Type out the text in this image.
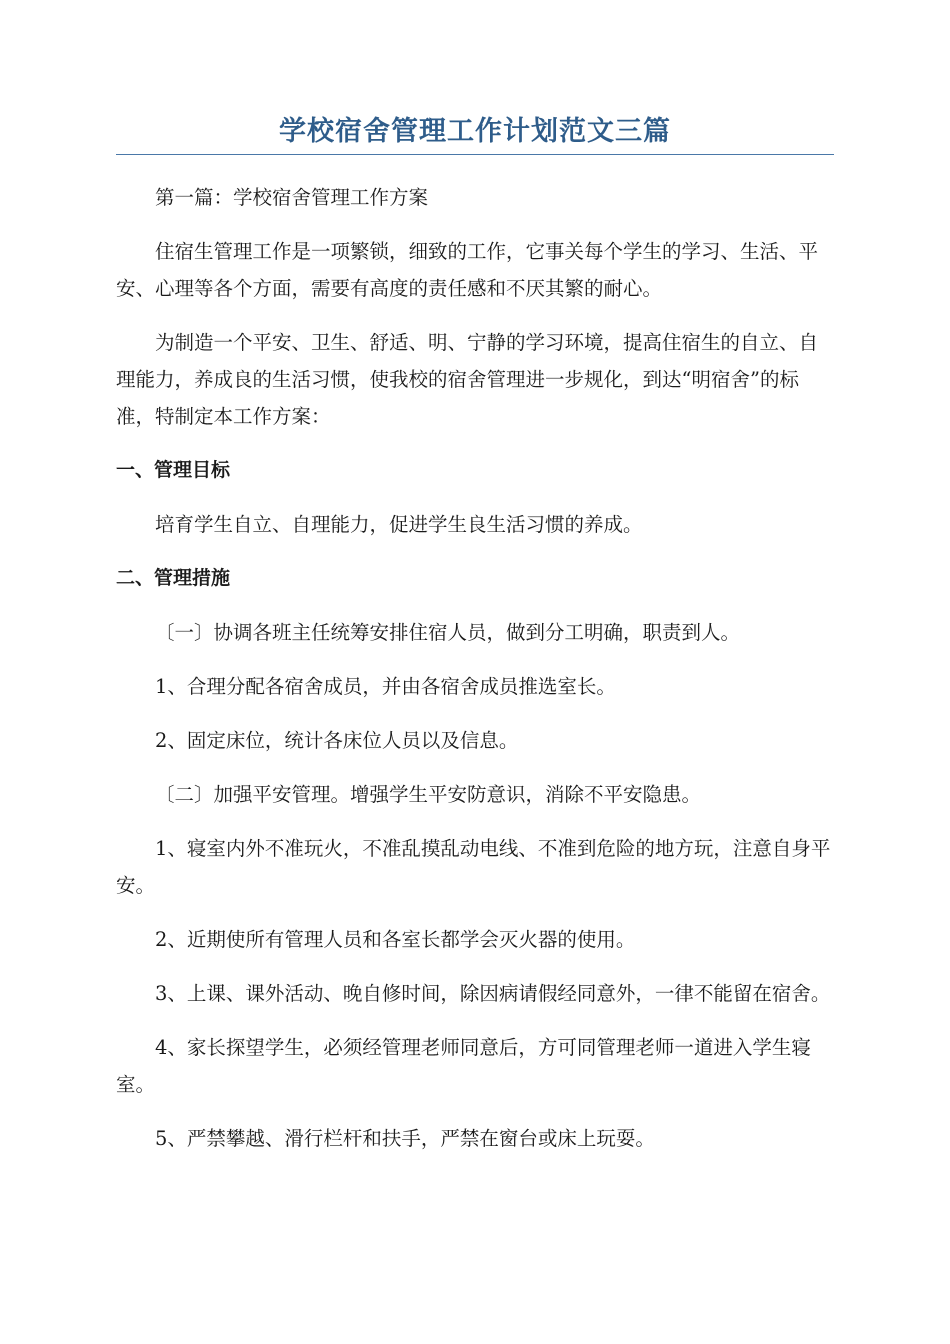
学校宿舍管理工作计划范文三篇

第一篇：学校宿舍管理工作方案

住宿生管理工作是一项繁锁，细致的工作，它事关每个学生的学习、生活、平安、心理等各个方面，需要有高度的责任感和不厌其繁的耐心。

为制造一个平安、卫生、舒适、明、宁静的学习环境，提高住宿生的自立、自理能力，养成良的生活习惯，使我校的宿舍管理进一步规化，到达“明宿舍”的标准，特制定本工作方案：

一、管理目标

培育学生自立、自理能力，促进学生良生活习惯的养成。

二、管理措施

〔一〕协调各班主任统筹安排住宿人员，做到分工明确，职责到人。

1、合理分配各宿舍成员，并由各宿舍成员推选室长。

2、固定床位，统计各床位人员以及信息。

〔二〕加强平安管理。增强学生平安防意识，消除不平安隐患。

1、寝室内外不准玩火，不准乱摸乱动电线、不准到危险的地方玩，注意自身平安。

2、近期使所有管理人员和各室长都学会灭火器的使用。

3、上课、课外活动、晚自修时间，除因病请假经同意外，一律不能留在宿舍。

4、家长探望学生，必须经管理老师同意后，方可同管理老师一道进入学生寝室。

5、严禁攀越、滑行栏杆和扶手，严禁在窗台或床上玩耍。
